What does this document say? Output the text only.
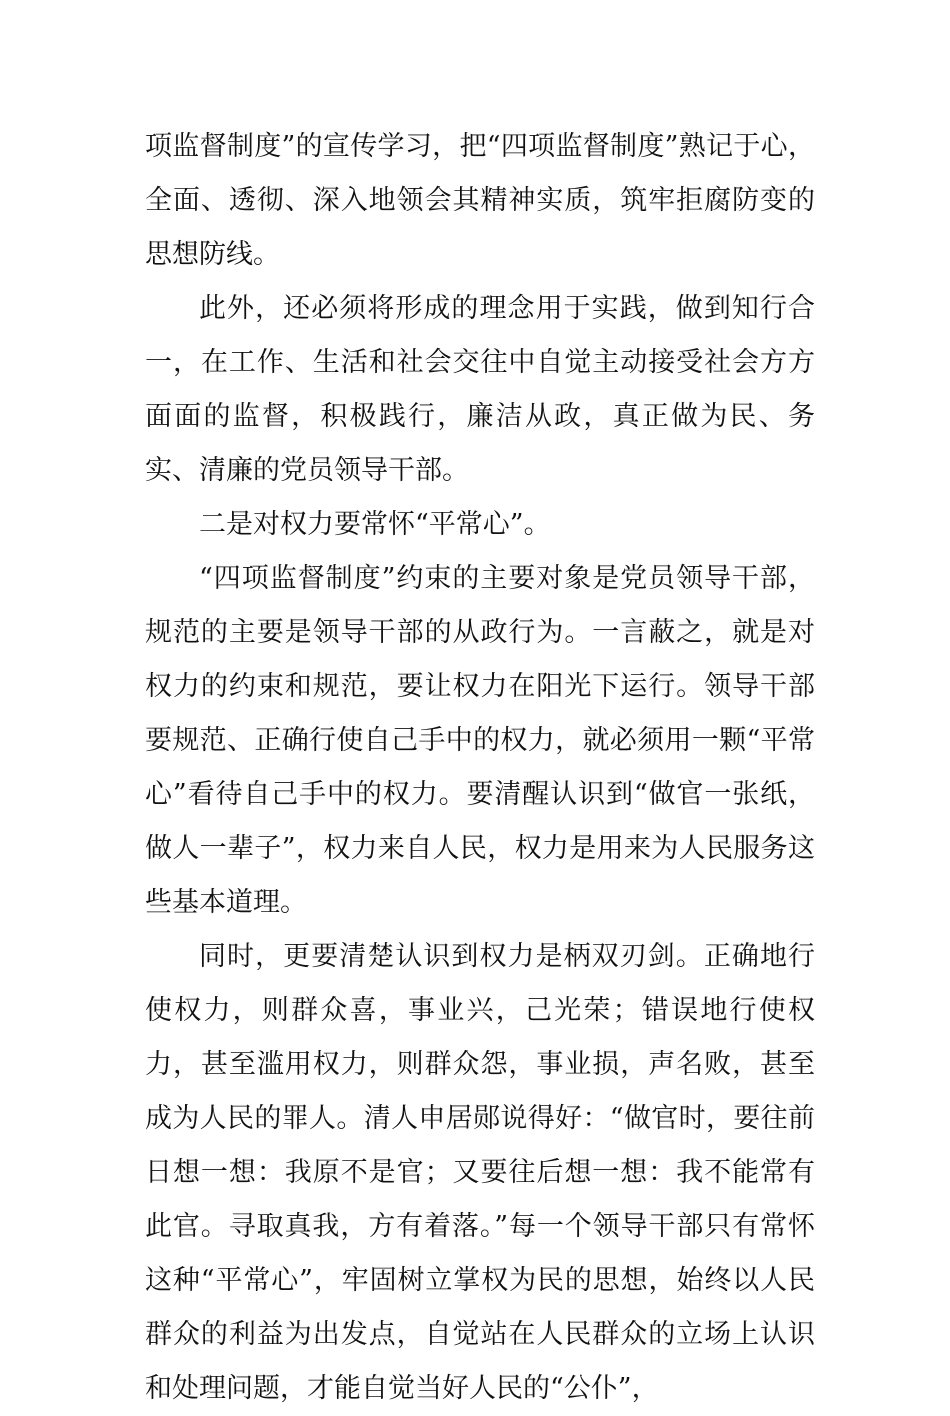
项监督制度”的宣传学习，把“四项监督制度”熟记于心，全面、透彻、深入地领会其精神实质，筑牢拒腐防变的思想防线。

此外，还必须将形成的理念用于实践，做到知行合一，在工作、生活和社会交往中自觉主动接受社会方方面面的监督，积极践行，廉洁从政，真正做为民、务实、清廉的党员领导干部。

二是对权力要常怀“平常心”。

“四项监督制度”约束的主要对象是党员领导干部，规范的主要是领导干部的从政行为。一言蔽之，就是对权力的约束和规范，要让权力在阳光下运行。领导干部要规范、正确行使自己手中的权力，就必须用一颗“平常心”看待自己手中的权力。要清醒认识到“做官一张纸，做人一辈子”，权力来自人民，权力是用来为人民服务这些基本道理。

同时，更要清楚认识到权力是柄双刃剑。正确地行使权力，则群众喜，事业兴，己光荣；错误地行使权力，甚至滥用权力，则群众怨，事业损，声名败，甚至成为人民的罪人。清人申居郧说得好：“做官时，要往前日想一想：我原不是官；又要往后想一想：我不能常有此官。寻取真我，方有着落。”每一个领导干部只有常怀这种“平常心”，牢固树立掌权为民的思想，始终以人民群众的利益为出发点，自觉站在人民群众的立场上认识和处理问题，才能自觉当好人民的“公仆”，
